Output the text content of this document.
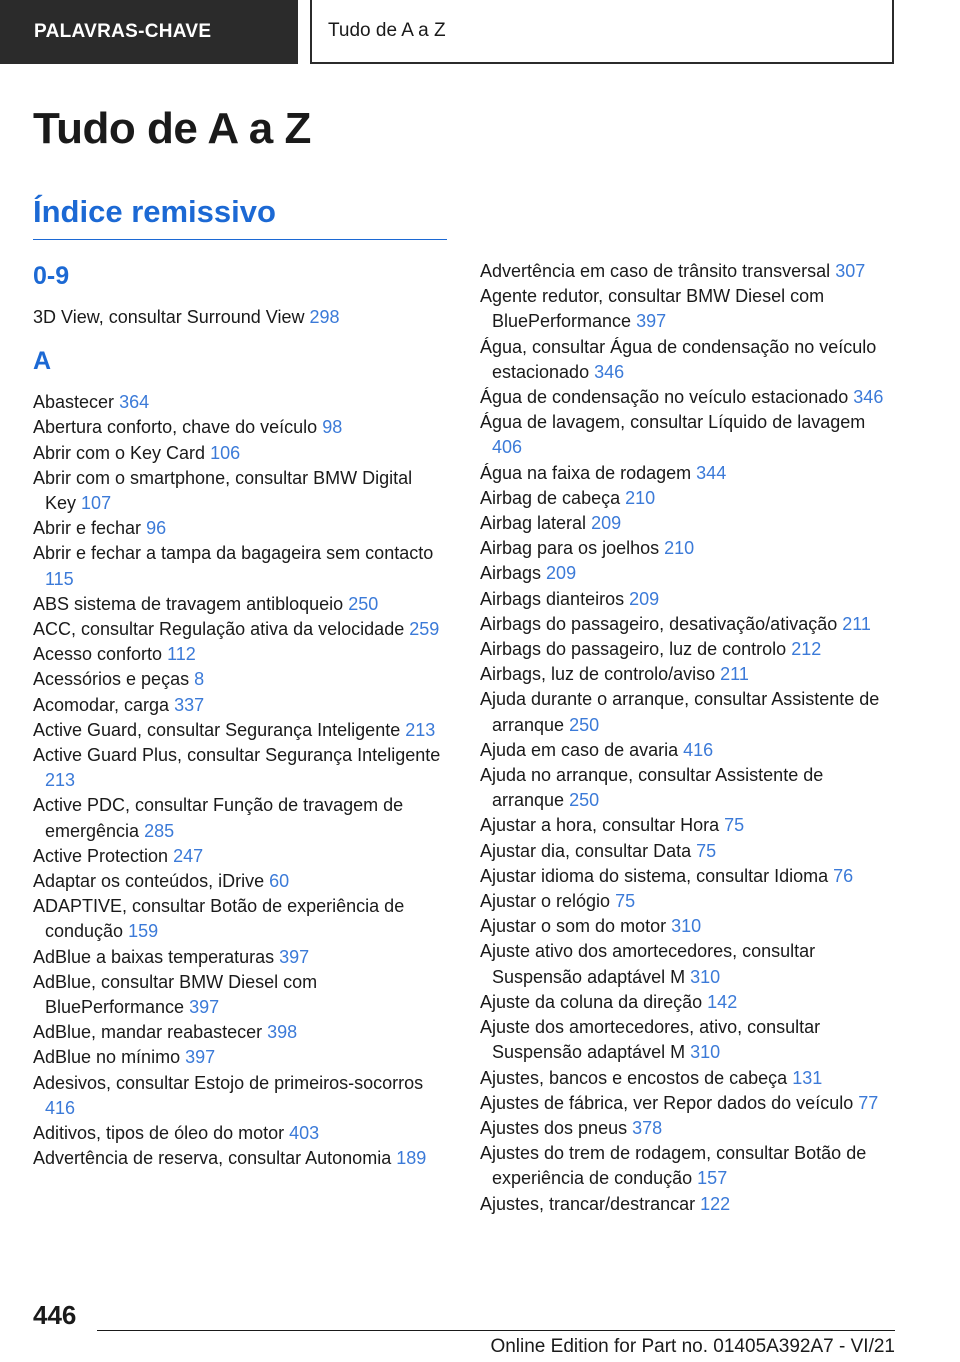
PALAVRAS-CHAVE	Tudo de A a Z
Tudo de A a Z
Índice remissivo
0-9
3D View, consultar Surround View 298
A
Abastecer 364
Abertura conforto, chave do veículo 98
Abrir com o Key Card 106
Abrir com o smartphone, consultar BMW Digital Key 107
Abrir e fechar 96
Abrir e fechar a tampa da bagageira sem contacto 115
ABS sistema de travagem antibloqueio 250
ACC, consultar Regulação ativa da velocidade 259
Acesso conforto 112
Acessórios e peças 8
Acomodar, carga 337
Active Guard, consultar Segurança Inteligente 213
Active Guard Plus, consultar Segurança Inteligente 213
Active PDC, consultar Função de travagem de emergência 285
Active Protection 247
Adaptar os conteúdos, iDrive 60
ADAPTIVE, consultar Botão de experiência de condução 159
AdBlue a baixas temperaturas 397
AdBlue, consultar BMW Diesel com BluePerformance 397
AdBlue, mandar reabastecer 398
AdBlue no mínimo 397
Adesivos, consultar Estojo de primeiros-socorros 416
Aditivos, tipos de óleo do motor 403
Advertência de reserva, consultar Autonomia 189
Advertência em caso de trânsito transversal 307
Agente redutor, consultar BMW Diesel com BluePerformance 397
Água, consultar Água de condensação no veículo estacionado 346
Água de condensação no veículo estacionado 346
Água de lavagem, consultar Líquido de lavagem 406
Água na faixa de rodagem 344
Airbag de cabeça 210
Airbag lateral 209
Airbag para os joelhos 210
Airbags 209
Airbags dianteiros 209
Airbags do passageiro, desativação/ativação 211
Airbags do passageiro, luz de controlo 212
Airbags, luz de controlo/aviso 211
Ajuda durante o arranque, consultar Assistente de arranque 250
Ajuda em caso de avaria 416
Ajuda no arranque, consultar Assistente de arranque 250
Ajustar a hora, consultar Hora 75
Ajustar dia, consultar Data 75
Ajustar idioma do sistema, consultar Idioma 76
Ajustar o relógio 75
Ajustar o som do motor 310
Ajuste ativo dos amortecedores, consultar Suspensão adaptável M 310
Ajuste da coluna da direção 142
Ajuste dos amortecedores, ativo, consultar Suspensão adaptável M 310
Ajustes, bancos e encostos de cabeça 131
Ajustes de fábrica, ver Repor dados do veículo 77
Ajustes dos pneus 378
Ajustes do trem de rodagem, consultar Botão de experiência de condução 157
Ajustes, trancar/destrancar 122
446
Online Edition for Part no. 01405A392A7 - VI/21
